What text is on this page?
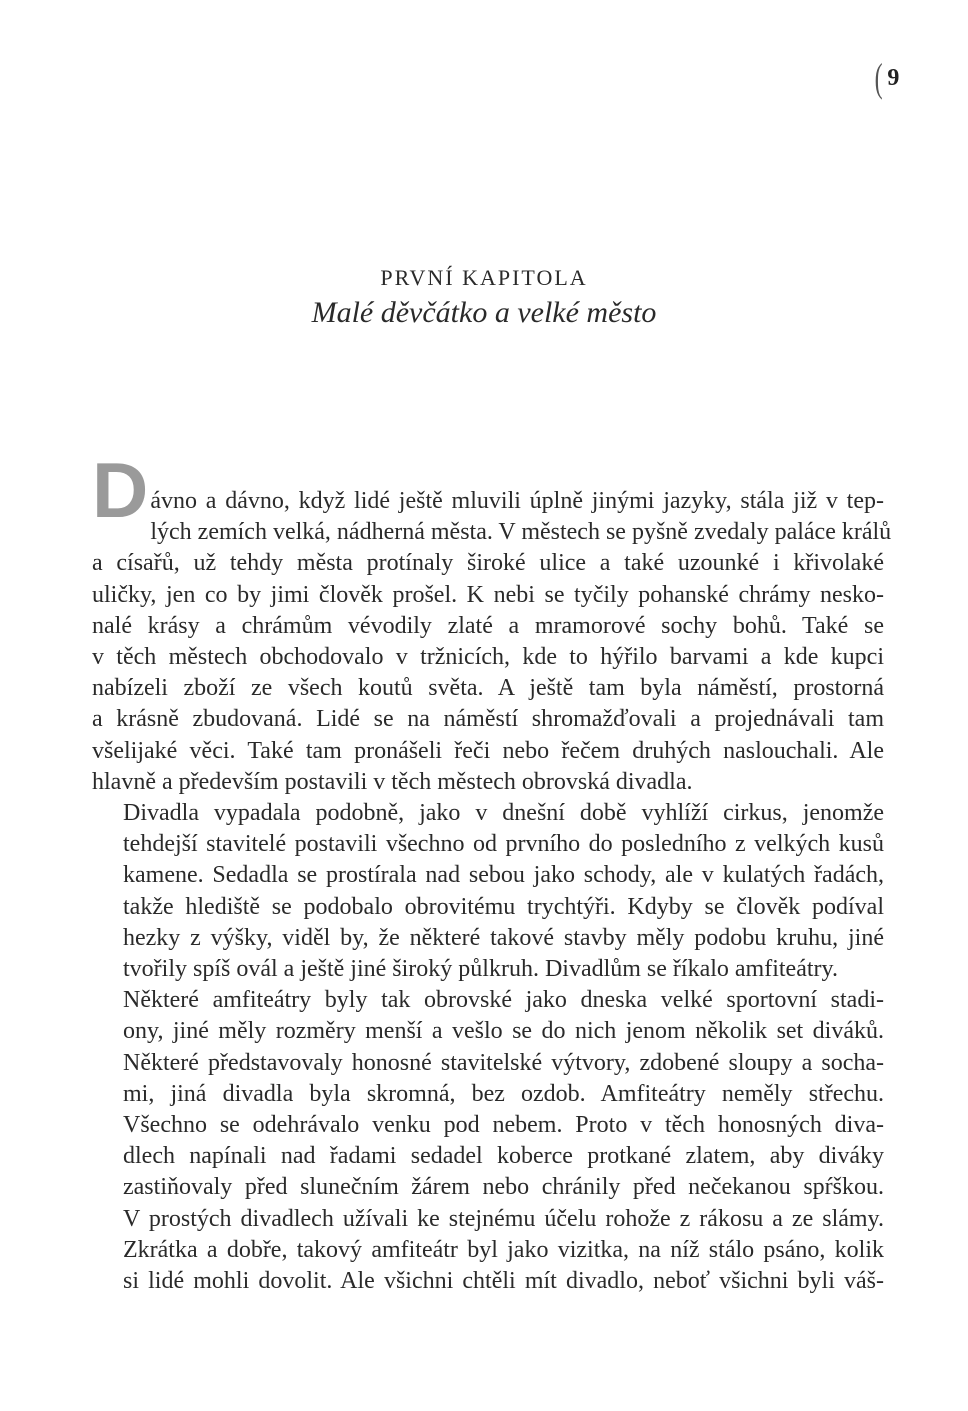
( 9
PRVNÍ KAPITOLA
Malé děvčátko a velké město

D ávno a dávno, když lidé ještě mluvili úplně jinými jazyky, stála již v tep-
lých zemích velká, nádherná města. V městech se pyšně zvedaly paláce králů
a císařů, už tehdy města protínaly široké ulice a také uzounké i křivolaké
uličky, jen co by jimi člověk prošel. K nebi se tyčily pohanské chrámy nesko-
nalé krásy a chrámům vévodily zlaté a mramorové sochy bohů. Také se
v těch městech obchodovalo v tržnicích, kde to hýřilo barvami a kde kupci
nabízeli zboží ze všech koutů světa. A ještě tam byla náměstí, prostorná
a krásně zbudovaná. Lidé se na náměstí shromažďovali a projednávali tam
všelijaké věci. Také tam pronášeli řeči nebo řečem druhých naslouchali. Ale
hlavně a především postavili v těch městech obrovská divadla.

Divadla vypadala podobně, jako v dnešní době vyhlíží cirkus, jenomže
tehdejší stavitelé postavili všechno od prvního do posledního z velkých kusů
kamene. Sedadla se prostírala nad sebou jako schody, ale v kulatých řadách,
takže hlediště se podobalo obrovitému trychtýři. Kdyby se člověk podíval
hezky z výšky, viděl by, že některé takové stavby měly podobu kruhu, jiné
tvořily spíš ovál a ještě jiné široký půlkruh. Divadlům se říkalo amfiteátry.

Některé amfiteátry byly tak obrovské jako dneska velké sportovní stadi-
ony, jiné měly rozměry menší a vešlo se do nich jenom několik set diváků.
Některé představovaly honosné stavitelské výtvory, zdobené sloupy a socha-
mi, jiná divadla byla skromná, bez ozdob. Amfiteátry neměly střechu.
Všechno se odehrávalo venku pod nebem. Proto v těch honosných diva-
dlech napínali nad řadami sedadel koberce protkané zlatem, aby diváky
zastiňovaly před slunečním žárem nebo chránily před nečekanou spŕškou.
V prostých divadlech užívali ke stejnému účelu rohože z rákosu a ze slámy.
Zkrátka a dobře, takový amfiteátr byl jako vizitka, na níž stálo psáno, kolik
si lidé mohli dovolit. Ale všichni chtěli mít divadlo, neboť všichni byli váš-
